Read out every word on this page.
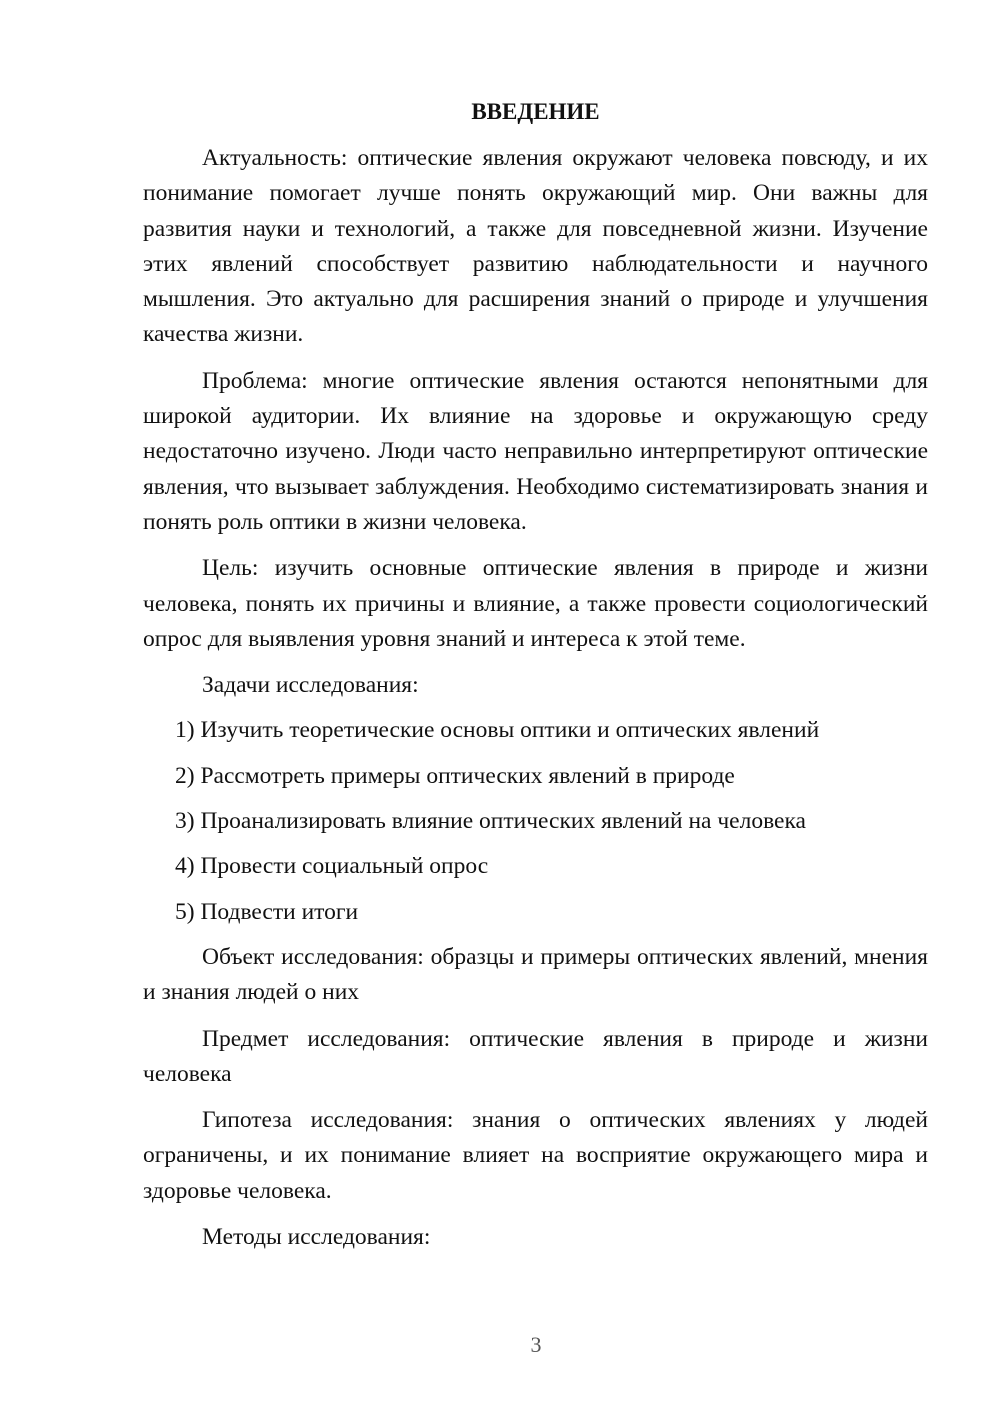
ВВЕДЕНИЕ

Актуальность: оптические явления окружают человека повсюду, и их понимание помогает лучше понять окружающий мир. Они важны для развития науки и технологий, а также для повседневной жизни. Изучение этих явлений способствует развитию наблюдательности и научного мышления. Это актуально для расширения знаний о природе и улучшения качества жизни.

Проблема: многие оптические явления остаются непонятными для широкой аудитории. Их влияние на здоровье и окружающую среду недостаточно изучено. Люди часто неправильно интерпретируют оптические явления, что вызывает заблуждения. Необходимо систематизировать знания и понять роль оптики в жизни человека.

Цель: изучить основные оптические явления в природе и жизни человека, понять их причины и влияние, а также провести социологический опрос для выявления уровня знаний и интереса к этой теме.

Задачи исследования:

1) Изучить теоретические основы оптики и оптических явлений
2) Рассмотреть примеры оптических явлений в природе
3) Проанализировать влияние оптических явлений на человека
4) Провести социальный опрос
5) Подвести итоги

Объект исследования: образцы и примеры оптических явлений, мнения и знания людей о них

Предмет исследования: оптические явления в природе и жизни человека

Гипотеза исследования: знания о оптических явлениях у людей ограничены, и их понимание влияет на восприятие окружающего мира и здоровье человека.

Методы исследования:

3
